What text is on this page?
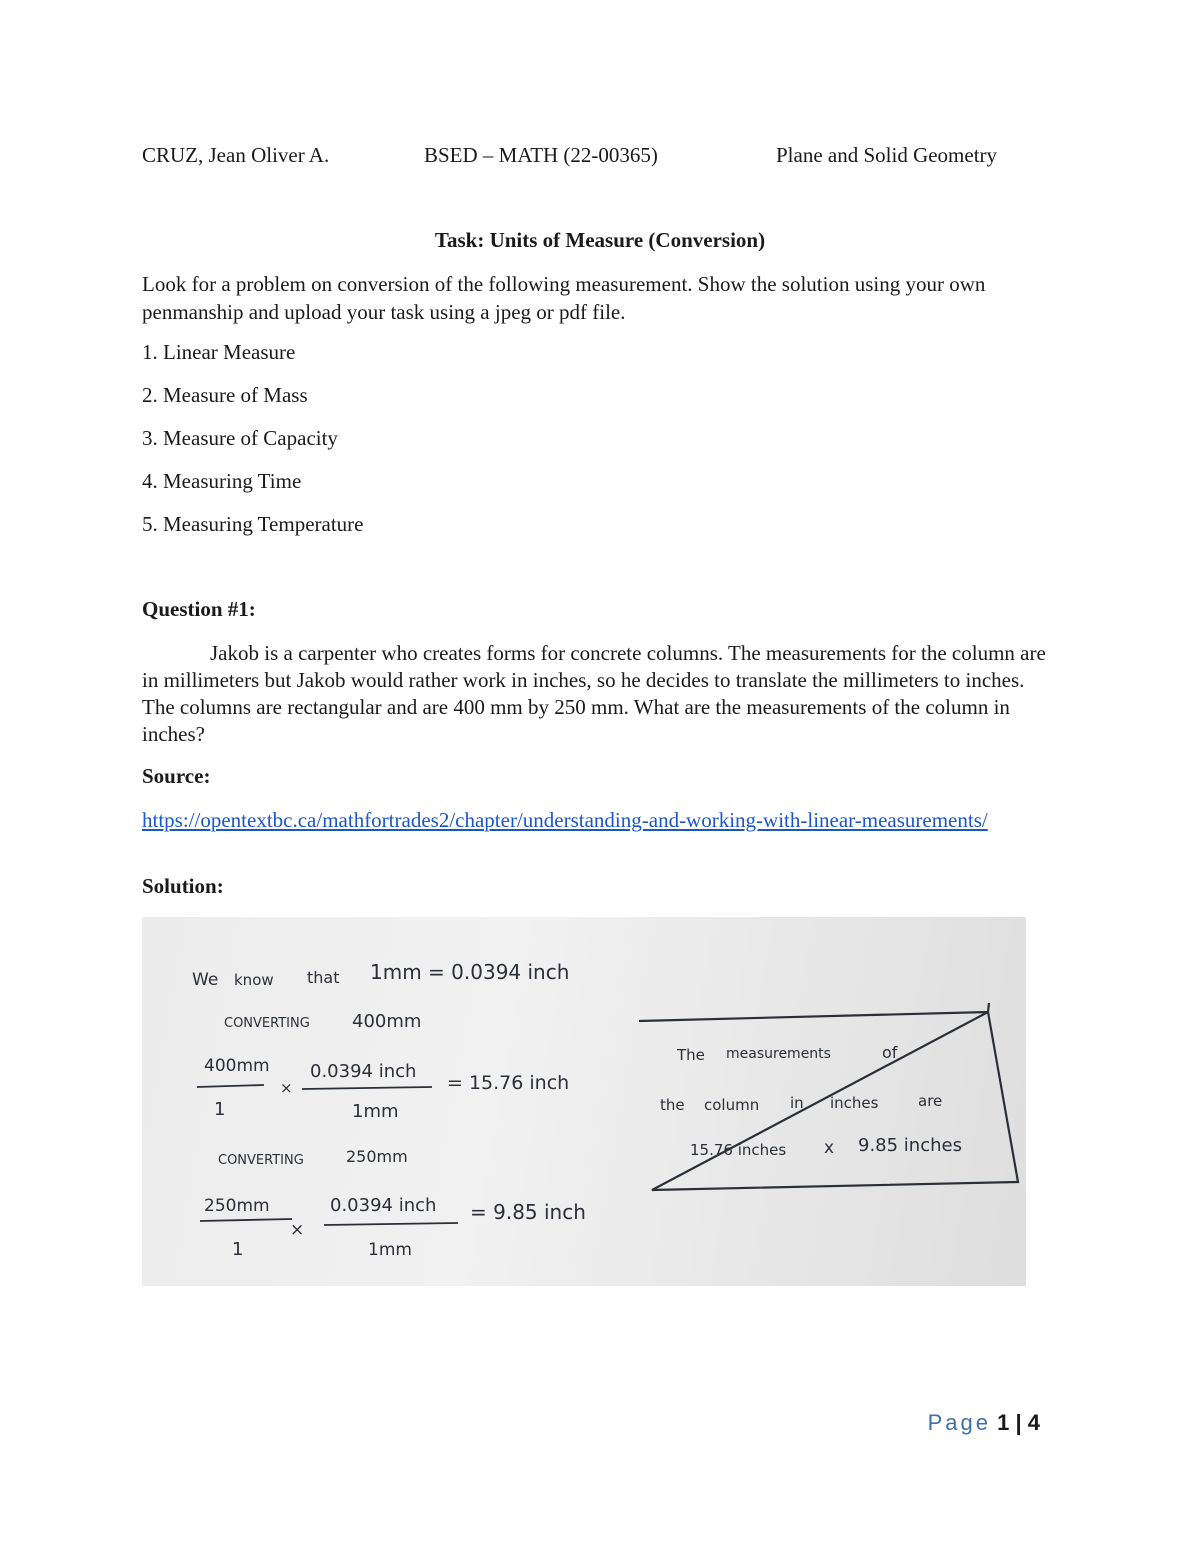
CRUZ, Jean Oliver A.	BSED – MATH (22-00365)	Plane and Solid Geometry
Task: Units of Measure (Conversion)

Look for a problem on conversion of the following measurement. Show the solution using your own penmanship and upload your task using a jpeg or pdf file.

1. Linear Measure
2. Measure of Mass
3. Measure of Capacity
4. Measuring Time
5. Measuring Temperature
Question #1:

Jakob is a carpenter who creates forms for concrete columns. The measurements for the column are in millimeters but Jakob would rather work in inches, so he decides to translate the millimeters to inches. The columns are rectangular and are 400 mm by 250 mm. What are the measurements of the column in inches?

Source:
https://opentextbc.ca/mathfortrades2/chapter/understanding-and-working-with-linear-measurements/
Solution:
We know that 1mm = 0.0394 inch
CONVERTING 400mm
400mm
1
×
0.0394 inch
1mm
= 15.76 inch
CONVERTING	250mm
250mm
1
×
0.0394 inch
1mm
= 9.85 inch
The measurements	of
the column in inches	are
15.76 inches x 9.85 inches
Page 1 | 4
